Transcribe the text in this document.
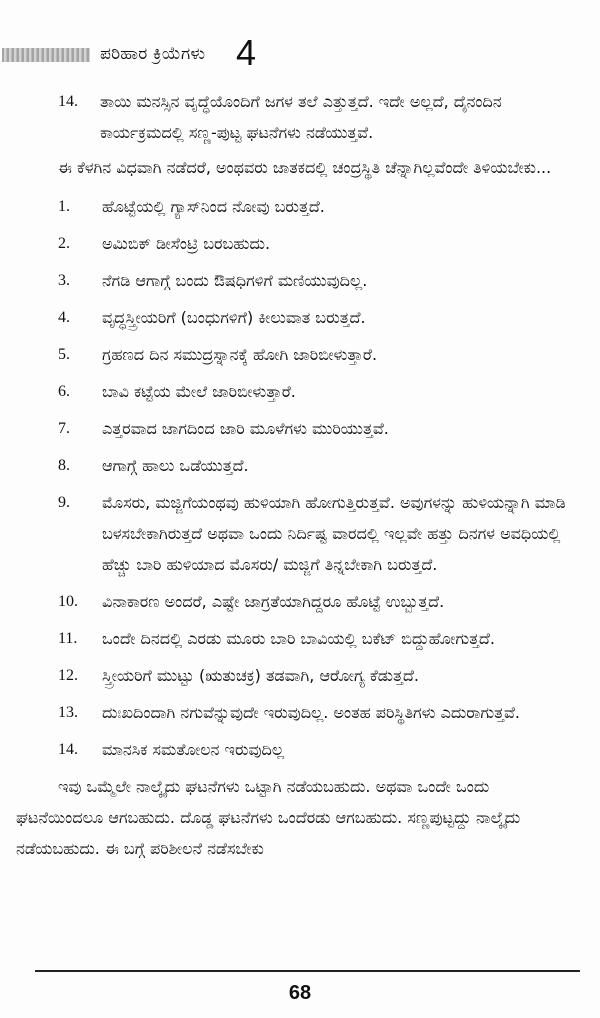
ಪರಿಹಾರ ಕ್ರಿಯೆಗಳು 4

14. ತಾಯಿ ಮನಸ್ಸಿನ ವೃದ್ಧೆಯೊಂದಿಗೆ ಜಗಳ ತಲೆ ಎತ್ತುತ್ತದೆ. ಇದೇ ಅಲ್ಲದೆ, ದೈನಂದಿನ ಕಾರ್ಯಕ್ರಮದಲ್ಲಿ ಸಣ್ಣ-ಪುಟ್ಟ ಘಟನೆಗಳು ನಡೆಯುತ್ತವೆ.

ಈ ಕೆಳಗಿನ ವಿಧವಾಗಿ ನಡೆದರೆ, ಅಂಥವರು ಜಾತಕದಲ್ಲಿ ಚಂದ್ರಸ್ಥಿತಿ ಚೆನ್ನಾಗಿಲ್ಲವೆಂದೇ ತಿಳಿಯಬೇಕು...

1. ಹೊಟ್ಟೆಯಲ್ಲಿ ಗ್ಯಾಸ್‌ನಿಂದ ನೋವು ಬರುತ್ತದೆ.

2. ಅಮಿಬಿಕ್ ಡೀಸೆಂಟ್ರಿ ಬರಬಹುದು.

3. ನೆಗಡಿ ಆಗಾಗ್ಗೆ ಬಂದು ಔಷಧಿಗಳಿಗೆ ಮಣಿಯುವುದಿಲ್ಲ.

4. ವೃದ್ಧಸ್ತ್ರೀಯರಿಗೆ (ಬಂಧುಗಳಿಗೆ) ಕೀಲುವಾತ ಬರುತ್ತದೆ.

5. ಗ್ರಹಣದ ದಿನ ಸಮುದ್ರಸ್ನಾನಕ್ಕೆ ಹೋಗಿ ಜಾರಿಬೀಳುತ್ತಾರೆ.

6. ಬಾವಿ ಕಟ್ಟೆಯ ಮೇಲೆ ಜಾರಿಬೀಳುತ್ತಾರೆ.

7. ಎತ್ತರವಾದ ಜಾಗದಿಂದ ಜಾರಿ ಮೂಳೆಗಳು ಮುರಿಯುತ್ತವೆ.

8. ಆಗಾಗ್ಗೆ ಹಾಲು ಒಡೆಯುತ್ತದೆ.

9. ಮೊಸರು, ಮಜ್ಜಿಗೆಯಂಥವು ಹುಳಿಯಾಗಿ ಹೋಗುತ್ತಿರುತ್ತವೆ. ಅವುಗಳನ್ನು ಹುಳಿಯನ್ನಾಗಿ ಮಾಡಿ ಬಳಸಬೇಕಾಗಿರುತ್ತದೆ ಅಥವಾ ಒಂದು ನಿರ್ದಿಷ್ಟ ವಾರದಲ್ಲಿ ಇಲ್ಲವೇ ಹತ್ತು ದಿನಗಳ ಅವಧಿಯಲ್ಲಿ ಹೆಚ್ಚು ಬಾರಿ ಹುಳಿಯಾದ ಮೊಸರು/ ಮಜ್ಜಿಗೆ ತಿನ್ನಬೇಕಾಗಿ ಬರುತ್ತದೆ.

10. ವಿನಾಕಾರಣ ಅಂದರೆ, ಎಷ್ಟೇ ಜಾಗ್ರತೆಯಾಗಿದ್ದರೂ ಹೊಟ್ಟೆ ಉಬ್ಬುತ್ತದೆ.

11. ಒಂದೇ ದಿನದಲ್ಲಿ ಎರಡು ಮೂರು ಬಾರಿ ಬಾವಿಯಲ್ಲಿ ಬಕೆಟ್ ಬಿದ್ದುಹೋಗುತ್ತದೆ.

12. ಸ್ತ್ರೀಯರಿಗೆ ಮುಟ್ಟು (ಋತುಚಕ್ರ) ತಡವಾಗಿ, ಆರೋಗ್ಯ ಕೆಡುತ್ತದೆ.

13. ದುಃಖದಿಂದಾಗಿ ನಗುವೆನ್ನುವುದೇ ಇರುವುದಿಲ್ಲ. ಅಂತಹ ಪರಿಸ್ಥಿತಿಗಳು ಎದುರಾಗುತ್ತವೆ.

14. ಮಾನಸಿಕ ಸಮತೋಲನ ಇರುವುದಿಲ್ಲ

ಇವು ಒಮ್ಮೆಲೇ ನಾಲ್ಕೈದು ಘಟನೆಗಳು ಒಟ್ಟಾಗಿ ನಡೆಯಬಹುದು. ಅಥವಾ ಒಂದೇ ಒಂದು ಘಟನೆಯಿಂದಲೂ ಆಗಬಹುದು. ದೊಡ್ಡ ಘಟನೆಗಳು ಒಂದೆರಡು ಆಗಬಹುದು. ಸಣ್ಣಪುಟ್ಟದ್ದು ನಾಲ್ಕೈದು ನಡೆಯಬಹುದು. ಈ ಬಗ್ಗೆ ಪರಿಶೀಲನೆ ನಡೆಸಬೇಕು

68
